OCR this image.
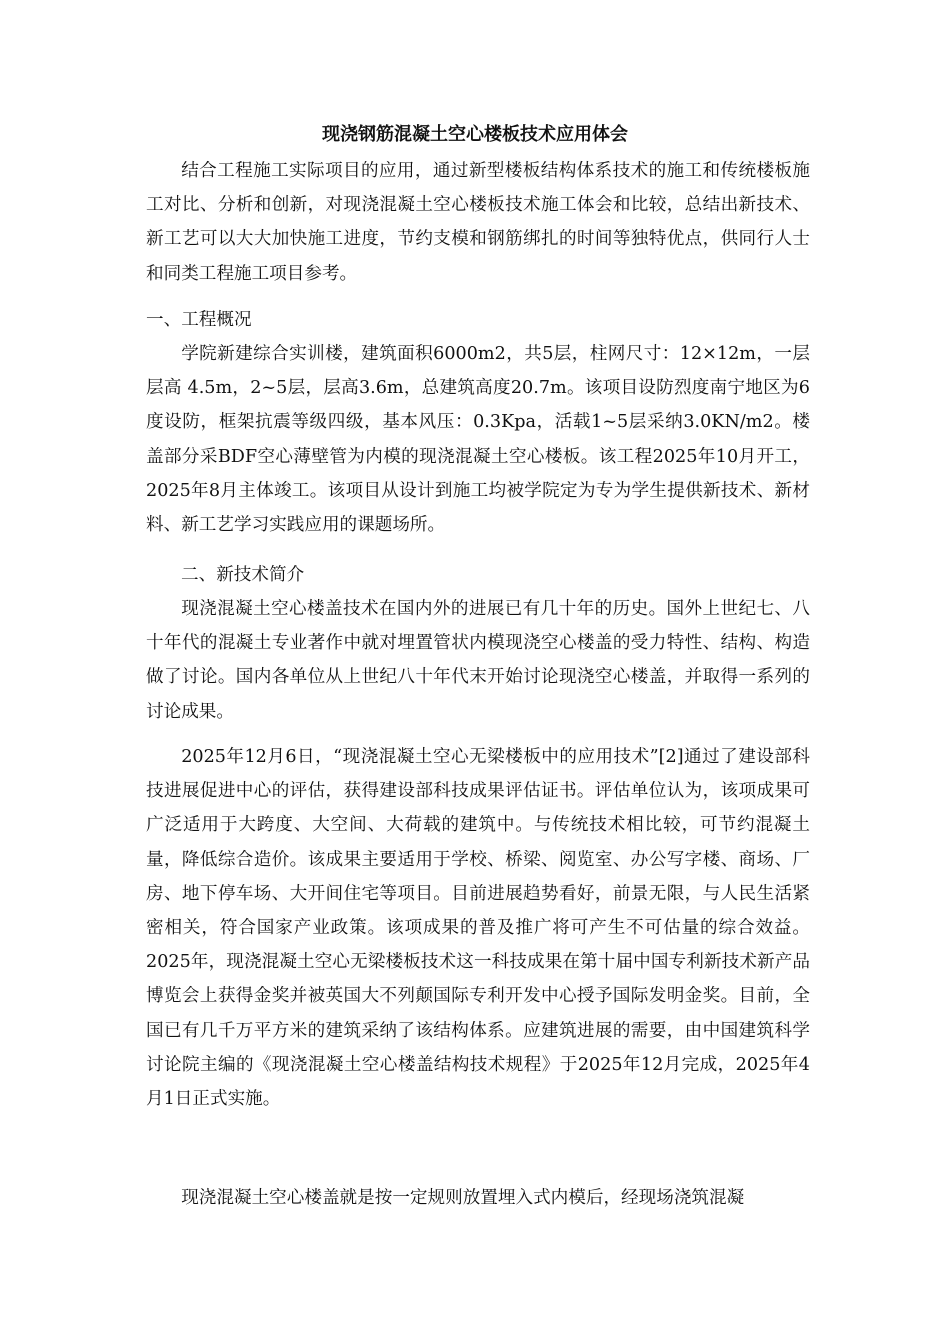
现浇钢筋混凝土空心楼板技术应用体会

结合工程施工实际项目的应用，通过新型楼板结构体系技术的施工和传统楼板施工对比、分析和创新，对现浇混凝土空心楼板技术施工体会和比较，总结出新技术、新工艺可以大大加快施工进度，节约支模和钢筋绑扎的时间等独特优点，供同行人士和同类工程施工项目参考。

一、工程概况

学院新建综合实训楼，建筑面积6000m2，共5层，柱网尺寸：12×12m，一层层高 4.5m，2~5层，层高3.6m，总建筑高度20.7m。该项目设防烈度南宁地区为6度设防，框架抗震等级四级，基本风压：0.3Kpa，活载1~5层采纳3.0KN/m2。楼盖部分采BDF空心薄壁管为内模的现浇混凝土空心楼板。该工程2025年10月开工，2025年8月主体竣工。该项目从设计到施工均被学院定为专为学生提供新技术、新材料、新工艺学习实践应用的课题场所。

二、新技术简介

现浇混凝土空心楼盖技术在国内外的进展已有几十年的历史。国外上世纪七、八十年代的混凝土专业著作中就对埋置管状内模现浇空心楼盖的受力特性、结构、构造做了讨论。国内各单位从上世纪八十年代末开始讨论现浇空心楼盖，并取得一系列的讨论成果。

2025年12月6日，“现浇混凝土空心无梁楼板中的应用技术”[2]通过了建设部科技进展促进中心的评估，获得建设部科技成果评估证书。评估单位认为，该项成果可广泛适用于大跨度、大空间、大荷载的建筑中。与传统技术相比较，可节约混凝土量，降低综合造价。该成果主要适用于学校、桥梁、阅览室、办公写字楼、商场、厂房、地下停车场、大开间住宅等项目。目前进展趋势看好，前景无限，与人民生活紧密相关，符合国家产业政策。该项成果的普及推广将可产生不可估量的综合效益。2025年，现浇混凝土空心无梁楼板技术这一科技成果在第十届中国专利新技术新产品博览会上获得金奖并被英国大不列颠国际专利开发中心授予国际发明金奖。目前，全国已有几千万平方米的建筑采纳了该结构体系。应建筑进展的需要，由中国建筑科学讨论院主编的《现浇混凝土空心楼盖结构技术规程》于2025年12月完成，2025年4月1日正式实施。

现浇混凝土空心楼盖就是按一定规则放置埋入式内模后，经现场浇筑混凝
